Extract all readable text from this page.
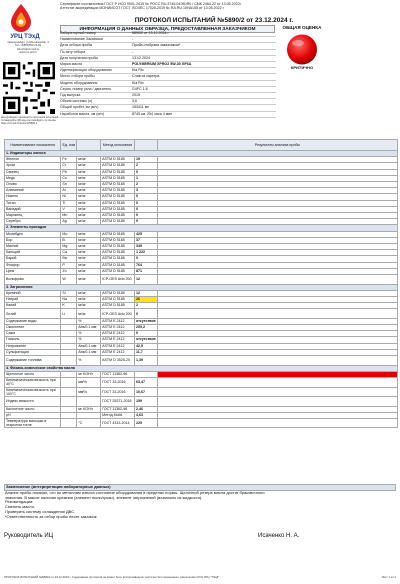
УРЦ ТЭхД
г.Екатеринбург, ул.Монтажников, 4
Тел.: 8(800)550-73-69
lab.info@urc-ted.ru
www.urc-ted.ru
Для проверки подлинности протокола испытаний отсканируйте QR-код или перейдите по ссылке https://urc-ted.ru/protocol/5890-2
Сертификат соответствия ГОСТ Р ИСО 9001-2015 № РОСС RU.3745.04ЭЮЯ0 / СМК 2464-22 от 13.05.2022г.
Аттестат аккредитации МОНИИСОТ ГОСТ ISO/IEC 17025-2019 № RA.RU.10НА155 от 13.05.2022 г.
ПРОТОКОЛ ИСПЫТАНИЙ №5890/2 от 23.12.2024 г.
ИНФОРМАЦИЯ О ДАННЫХ ОБРАЗЦА, ПРЕДОСТАВЛЕННАЯ ЗАКАЗЧИКОМ	ОБЩАЯ ОЦЕНКА
КРИТИЧНО
Лабораторный номер	5890/2 от 13.12.2024 г.
Наименование Заказчика	-
Дата отбора пробы	Проба отобрана заказчиком*
По акту отбора	-
Дата получения пробы	13.12.2024
Марка масла	POLYMERIUM XPRO2 5W-30 GF6A
Идентификация оборудования	Kia Rio
Место отбора пробы	Слив из картера
Модель оборудования	Kia Rio
Серия, номер узла / двигатель	G4FC 1.6
Год выпуска	2015
Объем системы (л)	3,6
Общий пробег, км (м/ч)	153411 км
Наработка масла, км (м/ч)	8745 км, 254 часа 4 мин
Наименование показателя	Ед. изм		Метод испытания		Результаты анализа пробы
1. Индикаторы износа					
Железо	Fe	мг/кг	ASTM D 5185	19	
Хром	Cr	мг/кг	ASTM D 5185	2	
Свинец	Pb	мг/кг	ASTM D 5185	0	
Медь	Cu	мг/кг	ASTM D 5185	1	
Олово	Sn	мг/кг	ASTM D 5185	2	
Алюминий	Al	мг/кг	ASTM D 5185	3	
Никель	Ni	мг/кг	ASTM D 5185	0	
Титан	Ti	мг/кг	ASTM D 5185	0	
Ванадий	V	мг/кг	ASTM D 5185	0	
Марганец	Mn	мг/кг	ASTM D 5185	0	
Серебро	Ag	мг/кг	ASTM D 5185	0	
2. Элементы присадок					
Молибден	Mo	мг/кг	ASTM D 5185	425	
Бор	B	мг/кг	ASTM D 5185	37	
Магний	Mg	мг/кг	ASTM D 5185	349	
Кальций	Ca	мг/кг	ASTM D 5185	1 222	
Барий	Ba	мг/кг	ASTM D 5185	0	
Фосфор	P	мг/кг	ASTM D 5185	764	
Цинк	Zn	мг/кг	ASTM D 5185	871	
Вольфрам	W	мг/кг	ICP-OES Avio 200	12	
3. Загрязнения					
Кремний	Si	мг/кг	ASTM D 5185	12	
Натрий	Na	мг/кг	ASTM D 5185	26	
Калий	K	мг/кг	ASTM D 5185	2	
Литий	Li	мг/кг	ICP-OES Avio 200	0	
Содержание воды		%	ASTM E 2412	отсутствие	
Окисление		Abs/0.1 мм	ASTM E 2412	209,2	
Сажа		%	ASTM E 2412	0	
Гликоль		%	ASTM E 2412	отсутствие	
Нитрование		Abs/0.1 мм	ASTM E 2412	42,5	
Сульфатация		Abs/0.1 мм	ASTM E 2412	11,7	
Содержание топлива		%	ASTM D 3525-20	1,39	
4. Физико-химические свойства масла					
Щелочное число		мг KOH/г	ГОСТ 11362-96		
Кинематическая вязкость при 40°C		мм²/с	ГОСТ 33-2016	63,47	
Кинематическая вязкость при 100°C		мм²/с	ГОСТ 33-2016	10,67	
Индекс вязкости			ГОСТ 25371-2018	159	
Кислотное число		мг KOH/г	ГОСТ 11362-96	2,46	
pH			Метод Mobil	4,63	
Температура вспышки в открытом тигле		°C	ГОСТ 4333-2014	225	
Заключение (интерпретация лабораторных данных)
Анализ пробы показал, что по металлам износа состояние оборудования в пределах нормы. Щелочной резерв масла достиг браковочного
значения. В масле наличие кремния (элемент пыли/грязи), элемент загрязнений (возможно из жидкости).
Рекомендации:
Сменить масло.
Проверить систему охлаждения ДВС.
*Ответственность за отбор пробы несет заказчик
Руководитель ИЦ	Исаченко Н. А.
ПРОТОКОЛ ИСПЫТАНИЙ №5890/2 от 23.12.2024 г. Содержание протокола не может быть воспроизведено частично без письменного разрешения ООО УРЦ "ТЭхД"	Лист 1 из 1
